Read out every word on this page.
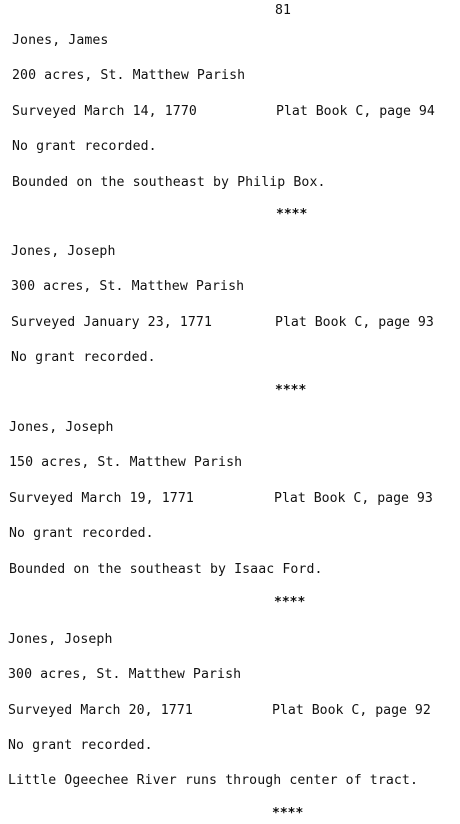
81
Jones, James
200 acres, St. Matthew Parish
Surveyed March 14, 1770	Plat Book C, page 94
No grant recorded.
Bounded on the southeast by Philip Box.
****
Jones, Joseph
300 acres, St. Matthew Parish
Surveyed January 23, 1771	Plat Book C, page 93
No grant recorded.
****
Jones, Joseph
150 acres, St. Matthew Parish
Surveyed March 19, 1771	Plat Book C, page 93
No grant recorded.
Bounded on the southeast by Isaac Ford.
****
Jones, Joseph
300 acres, St. Matthew Parish
Surveyed March 20, 1771	Plat Book C, page 92
No grant recorded.
Little Ogeechee River runs through center of tract.
****
